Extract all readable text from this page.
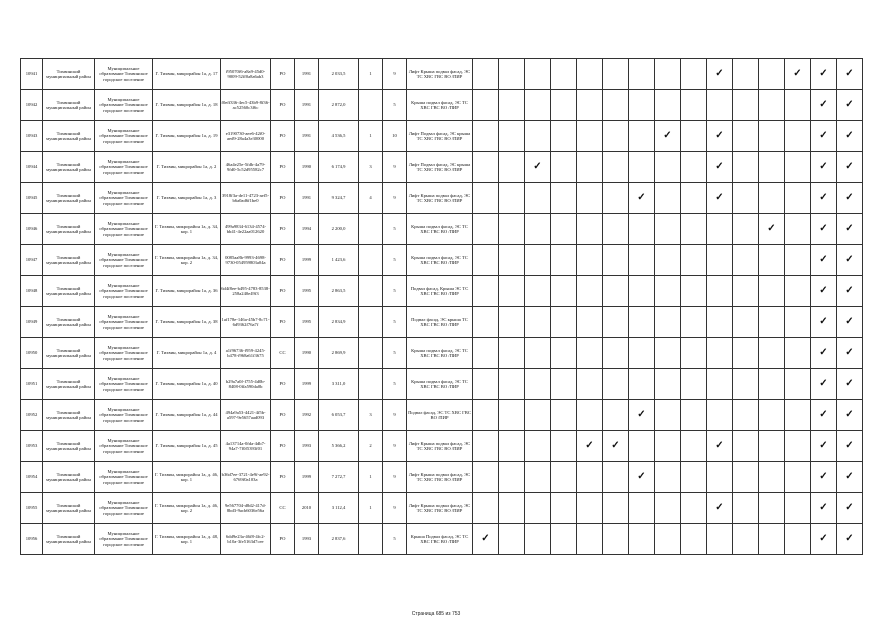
10941	Тихвинский муниципальный район	Муниципальное образование Тихвинское городское поселение	Г. Тихвин, микрорайон 1а, д. 17	f95070f6-a8a9-45d0-9009-52ff0a8a6ab3	РО	1991	2 033,5	1	9	Лифт Крыша подвал фасад, ЭС ТС ХВС ГВС ВО /ПИР										✓			✓	✓	✓
10942	Тихвинский муниципальный район	Муниципальное образование Тихвинское городское поселение	Г. Тихвин, микрорайон 1а, д. 18	f0eff336-4ec5-43b9-8f36-ac52560c3f6c	РО	1991	2 872,0		5	Крыша подвал фасад, ЭС ТС ХВС ГВС ВО /ПИР														✓	✓
10943	Тихвинский муниципальный район	Муниципальное образование Тихвинское городское поселение	Г. Тихвин, микрорайон 1а, д. 19	e3190730-aee6-42f0-aed9-28a4a3e30000	РО	1991	4 536,5	1	10	Лифт Подвал фасад, ЭС крыша ТС ХВС ГВС ВО /ПИР								✓		✓				✓	✓
10944	Тихвинский муниципальный район	Муниципальное образование Тихвинское городское поселение	Г. Тихвин, микрорайон 1а, д. 2	46a4e25e-5fdb-4a79-9fd0-5c52d95582c7	РО	1990	6 174,9	3	9	Лифт Подвал фасад, ЭС крыша ТС ХВС ГВС ВО /ПИР			✓							✓				✓	✓
10945	Тихвинский муниципальный район	Муниципальное образование Тихвинское городское поселение	Г. Тихвин, микрорайон 1а, д. 3	3918f3a-de11-4723-aef5-b6a0ad6f1be0	РО	1991	9 324,7	4	9	Лифт Крыша подвал фасад, ЭС ТС ХВС ГВС ВО /ПИР							✓			✓				✓	✓
10946	Тихвинский муниципальный район	Муниципальное образование Тихвинское городское поселение	Г. Тихвин, микрорайон 1а, д. 34, кор. 1	499a9834-6134-4574-bb41-4e22aa012620	РО	1994	2 200,0		5	Крыша подвал фасад, ЭС ТС ХВС ГВС ВО /ПИР												✓		✓	✓
10947	Тихвинский муниципальный район	Муниципальное образование Тихвинское городское поселение	Г. Тихвин, микрорайон 1а, д. 34, кор. 2	0085aa8b-9993-4698-9730-054959803a04a	РО	1999	1 423,6		5	Крыша подвал фасад, ЭС ТС ХВС ГВС ВО /ПИР														✓	✓
10948	Тихвинский муниципальный район	Муниципальное образование Тихвинское городское поселение	Г. Тихвин, микрорайон 1а, д. 36	6d4f8ee-b495-4783-8538-258a240e49f3	РО	1995	2 863,5		5	Подвал фасад, Крыша ЭС ТС ХВС ГВС ВО /ПИР														✓	✓
10949	Тихвинский муниципальный район	Муниципальное образование Тихвинское городское поселение	Г. Тихвин, микрорайон 1а, д. 38	1af178e-146a-45b7-8c71-6d9362f76a7f	РО	1995	2 834,9		5	Подвал фасад, ЭС крыша ТС ХВС ГВС ВО /ПИР														✓	✓
10950	Тихвинский муниципальный район	Муниципальное образование Тихвинское городское поселение	Г. Тихвин, микрорайон 1а, д. 4	a1f96736-f959-4245-b478-f968a61f3675	СС	1990	2 869,9		5	Крыша подвал фасад, ЭС ТС ХВС ГВС ВО /ПИР														✓	✓
10951	Тихвинский муниципальный район	Муниципальное образование Тихвинское городское поселение	Г. Тихвин, микрорайон 1а, д. 40	b29a7a0f-f755-4d0b-8408-0ffa590da0b	РО	1999	3 311,0		5	Крыша подвал фасад, ЭС ТС ХВС ГВС ВО /ПИР														✓	✓
10952	Тихвинский муниципальный район	Муниципальное образование Тихвинское городское поселение	Г. Тихвин, микрорайон 1а, д. 44	494a9a53-4421-4f5b-a597-9e5657aad093	РО	1992	6 053,7	3	9	Подвал фасад, ЭС ТС ХВС ГВС ВО /ПИР							✓							✓	✓
10953	Тихвинский муниципальный район	Муниципальное образование Тихвинское городское поселение	Г. Тихвин, микрорайон 1а, д. 45	4a13714a-0fda-4db7-94a7-7f0f5393f01	РО	1993	5 366,2	2	9	Лифт Крыша подвал фасад, ЭС ТС ХВС ГВС ВО /ПИР					✓	✓				✓				✓	✓
10954	Тихвинский муниципальный район	Муниципальное образование Тихвинское городское поселение	Г. Тихвин, микрорайон 1а, д. 46, кор. 1	b36d7ee-3721-4e9f-ae92-6769f0a103a	РО	1999	7 272,7	1	9	Лифт Крыша подвал фасад, ЭС ТС ХВС ГВС ВО /ПИР							✓							✓	✓
10955	Тихвинский муниципальный район	Муниципальное образование Тихвинское городское поселение	Г. Тихвин, микрорайон 1а, д. 46, кор. 2	9e567704-d8d2-417d-8bd3-9acb6036e56a	СС	2010	3 112,4	1	9	Лифт Крыша подвал фасад, ЭС ТС ХВС ГВС ВО /ПИР										✓				✓	✓
10956	Тихвинский муниципальный район	Муниципальное образование Тихвинское городское поселение	Г. Тихвин, микрорайон 1а, д. 48, кор. 1	6dd9e23a-46f8-4fc2-b10a-3fe5163d7cee	РО	1993	2 837,6		5	Крыша Подвал фасад, ЭС ТС ХВС ГВС ВО /ПИР	✓													✓	✓
Страница 685 из 753
